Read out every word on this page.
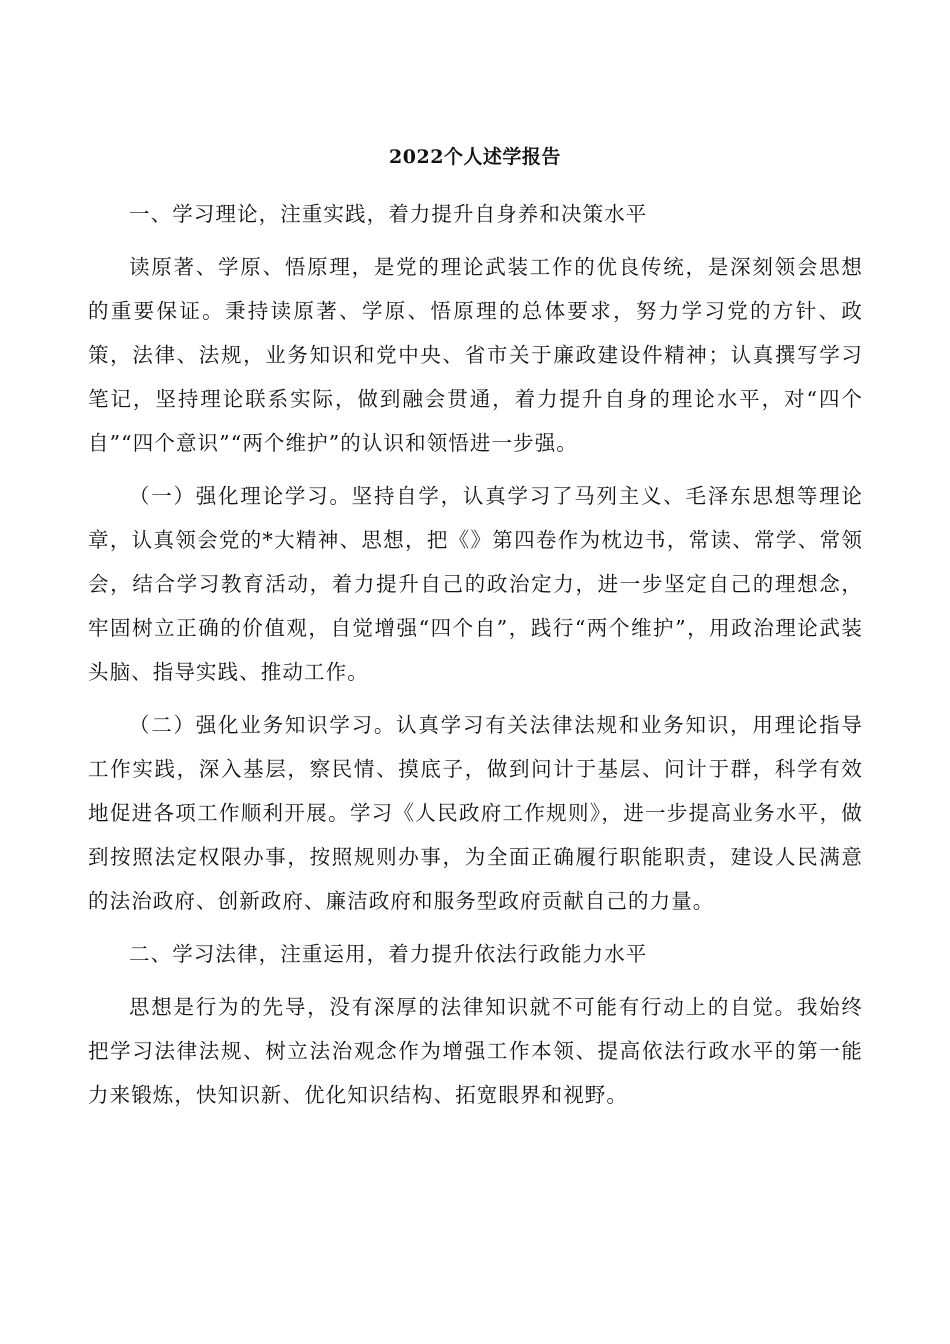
2022个人述学报告

一、学习理论，注重实践，着力提升自身养和决策水平

读原著、学原、悟原理，是党的理论武装工作的优良传统，是深刻领会思想的重要保证。秉持读原著、学原、悟原理的总体要求，努力学习党的方针、政策，法律、法规，业务知识和党中央、省市关于廉政建设件精神；认真撰写学习笔记，坚持理论联系实际，做到融会贯通，着力提升自身的理论水平，对“四个自”“四个意识”“两个维护”的认识和领悟进一步强。

（一）强化理论学习。坚持自学，认真学习了马列主义、毛泽东思想等理论章，认真领会党的*大精神、思想，把《》第四卷作为枕边书，常读、常学、常领会，结合学习教育活动，着力提升自己的政治定力，进一步坚定自己的理想念，牢固树立正确的价值观，自觉增强“四个自”，践行“两个维护”，用政治理论武装头脑、指导实践、推动工作。

（二）强化业务知识学习。认真学习有关法律法规和业务知识，用理论指导工作实践，深入基层，察民情、摸底子，做到问计于基层、问计于群，科学有效地促进各项工作顺利开展。学习《人民政府工作规则》，进一步提高业务水平，做到按照法定权限办事，按照规则办事，为全面正确履行职能职责，建设人民满意的法治政府、创新政府、廉洁政府和服务型政府贡献自己的力量。

二、学习法律，注重运用，着力提升依法行政能力水平

思想是行为的先导，没有深厚的法律知识就不可能有行动上的自觉。我始终把学习法律法规、树立法治观念作为增强工作本领、提高依法行政水平的第一能力来锻炼，快知识新、优化知识结构、拓宽眼界和视野。
